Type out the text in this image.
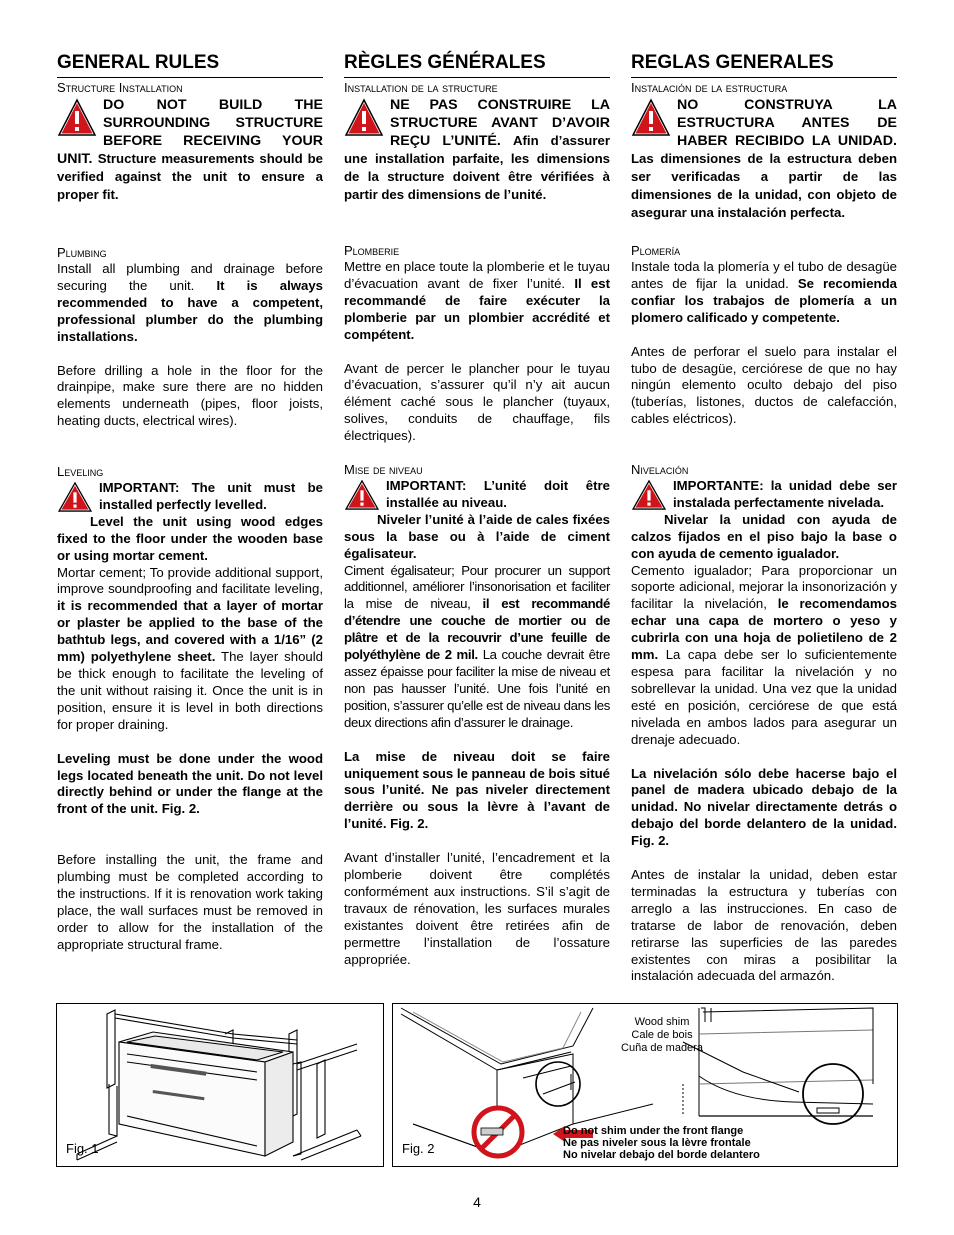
GENERAL RULES
Structure Installation

DO NOT BUILD THE SURROUNDING STRUCTURE BEFORE RECEIVING YOUR UNIT. Structure measurements should be verified against the unit to ensure a proper fit.

Plumbing

Install all plumbing and drainage before securing the unit. It is always recommended to have a competent, professional plumber do the plumbing installations.

Before drilling a hole in the floor for the drainpipe, make sure there are no hidden elements underneath (pipes, floor joists, heating ducts, electrical wires).

Leveling

IMPORTANT: The unit must be installed perfectly levelled.

Level the unit using wood edges fixed to the floor under the wooden base or using mortar cement.

Mortar cement; To provide additional support, improve soundproofing and facilitate leveling, it is recommended that a layer of mortar or plaster be applied to the base of the bathtub legs, and covered with a 1/16” (2 mm) polyethylene sheet. The layer should be thick enough to facilitate the leveling of the unit without raising it. Once the unit is in position, ensure it is level in both directions for proper draining.

Leveling must be done under the wood legs located beneath the unit. Do not level directly behind or under the flange at the front of the unit. Fig. 2.

Before installing the unit, the frame and plumbing must be completed according to the instructions. If it is renovation work taking place, the wall surfaces must be removed in order to allow for the installation of the appropriate structural frame.

RÈGLES GÉNÉRALES
Installation de la structure

NE PAS CONSTRUIRE LA STRUCTURE AVANT D’AVOIR REÇU L’UNITÉ. Afin d’assurer une installation parfaite, les dimensions de la structure doivent être vérifiées à partir des dimensions de l’unité.

Plomberie

Mettre en place toute la plomberie et le tuyau d’évacuation avant de fixer l’unité. Il est recommandé de faire exécuter la plomberie par un plombier accrédité et compétent.

Avant de percer le plancher pour le tuyau d’évacuation, s’assurer qu’il n’y ait aucun élément caché sous le plancher (tuyaux, solives, conduits de chauffage, fils électriques).

Mise de niveau

IMPORTANT: L’unité doit être installée au niveau.

Niveler l’unité à l’aide de cales fixées sous la base ou à l’aide de ciment égalisateur.

Ciment égalisateur; Pour procurer un support additionnel, améliorer l’insonorisation et faciliter la mise de niveau, il est recommandé d’étendre une couche de mortier ou de plâtre et de la recouvrir d’une feuille de polyéthylène de 2 mil. La couche devrait être assez épaisse pour faciliter la mise de niveau et non pas hausser l’unité. Une fois l’unité en position, s’assurer qu’elle est de niveau dans les deux directions afin d’assurer le drainage.

La mise de niveau doit se faire uniquement sous le panneau de bois situé sous l’unité. Ne pas niveler directement derrière ou sous la lèvre à l’avant de l’unité. Fig. 2.

Avant d’installer l’unité, l’encadrement et la plomberie doivent être complétés conformément aux instructions. S’il s’agit de travaux de rénovation, les surfaces murales existantes doivent être retirées afin de permettre l’installation de l’ossature appropriée.

REGLAS GENERALES
Instalación de la estructura

NO CONSTRUYA LA ESTRUCTURA ANTES DE HABER RECIBIDO LA UNIDAD. Las dimensiones de la estructura deben ser verificadas a partir de las dimensiones de la unidad, con objeto de asegurar una instalación perfecta.

Plomería

Instale toda la plomería y el tubo de desagüe antes de fijar la unidad. Se recomienda confiar los trabajos de plomería a un plomero calificado y competente.

Antes de perforar el suelo para instalar el tubo de desagüe, cerciórese de que no hay ningún elemento oculto debajo del piso (tuberías, listones, ductos de calefacción, cables eléctricos).

Nivelación

IMPORTANTE: la unidad debe ser instalada perfectamente nivelada.

Nivelar la unidad con ayuda de calzos fijados en el piso bajo la base o con ayuda de cemento igualador.

Cemento igualador; Para proporcionar un soporte adicional, mejorar la insonorización y facilitar la nivelación, le recomendamos echar una capa de mortero o yeso y cubrirla con una hoja de polietileno de 2 mm. La capa debe ser lo suficientemente espesa para facilitar la nivelación y no sobrellevar la unidad. Una vez que la unidad esté en posición, cerciórese de que está nivelada en ambos lados para asegurar un drenaje adecuado.

La nivelación sólo debe hacerse bajo el panel de madera ubicado debajo de la unidad. No nivelar directamente detrás o debajo del borde delantero de la unidad. Fig. 2.

Antes de instalar la unidad, deben estar terminadas la estructura y tuberías con arreglo a las instrucciones. En caso de tratarse de labor de renovación, deben retirarse las superficies de las paredes existentes con miras a posibilitar la instalación adecuada del armazón.

Fig. 1
Wood shim
Cale de bois
Cuña de madera
Do not shim under the front flange
Ne pas niveler sous la lèvre frontale
No nivelar debajo del borde delantero
Fig. 2
4
